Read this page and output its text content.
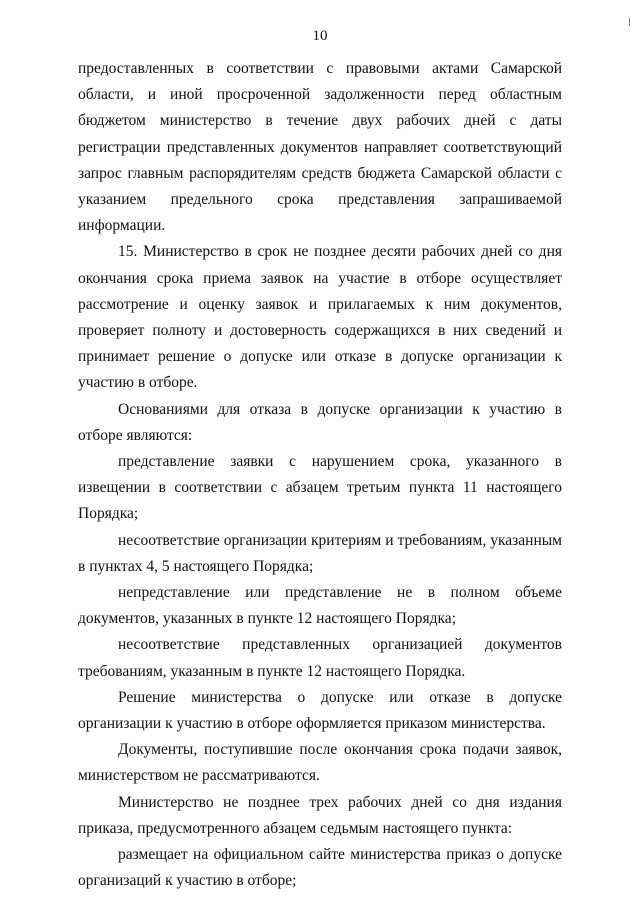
10

предоставленных в соответствии с правовыми актами Самарской области, и иной просроченной задолженности перед областным бюджетом министерство в течение двух рабочих дней с даты регистрации представленных документов направляет соответствующий запрос главным распорядителям средств бюджета Самарской области с указанием предельного срока представления запрашиваемой информации.

15. Министерство в срок не позднее десяти рабочих дней со дня окончания срока приема заявок на участие в отборе осуществляет рассмотрение и оценку заявок и прилагаемых к ним документов, проверяет полноту и достоверность содержащихся в них сведений и принимает решение о допуске или отказе в допуске организации к участию в отборе.

Основаниями для отказа в допуске организации к участию в отборе являются:

представление заявки с нарушением срока, указанного в извещении в соответствии с абзацем третьим пункта 11 настоящего Порядка;

несоответствие организации критериям и требованиям, указанным в пунктах 4, 5 настоящего Порядка;

непредставление или представление не в полном объеме документов, указанных в пункте 12 настоящего Порядка;

несоответствие представленных организацией документов требованиям, указанным в пункте 12 настоящего Порядка.

Решение министерства о допуске или отказе в допуске организации к участию в отборе оформляется приказом министерства.

Документы, поступившие после окончания срока подачи заявок, министерством не рассматриваются.

Министерство не позднее трех рабочих дней со дня издания приказа, предусмотренного абзацем седьмым настоящего пункта:

размещает на официальном сайте министерства приказ о допуске организаций к участию в отборе;
